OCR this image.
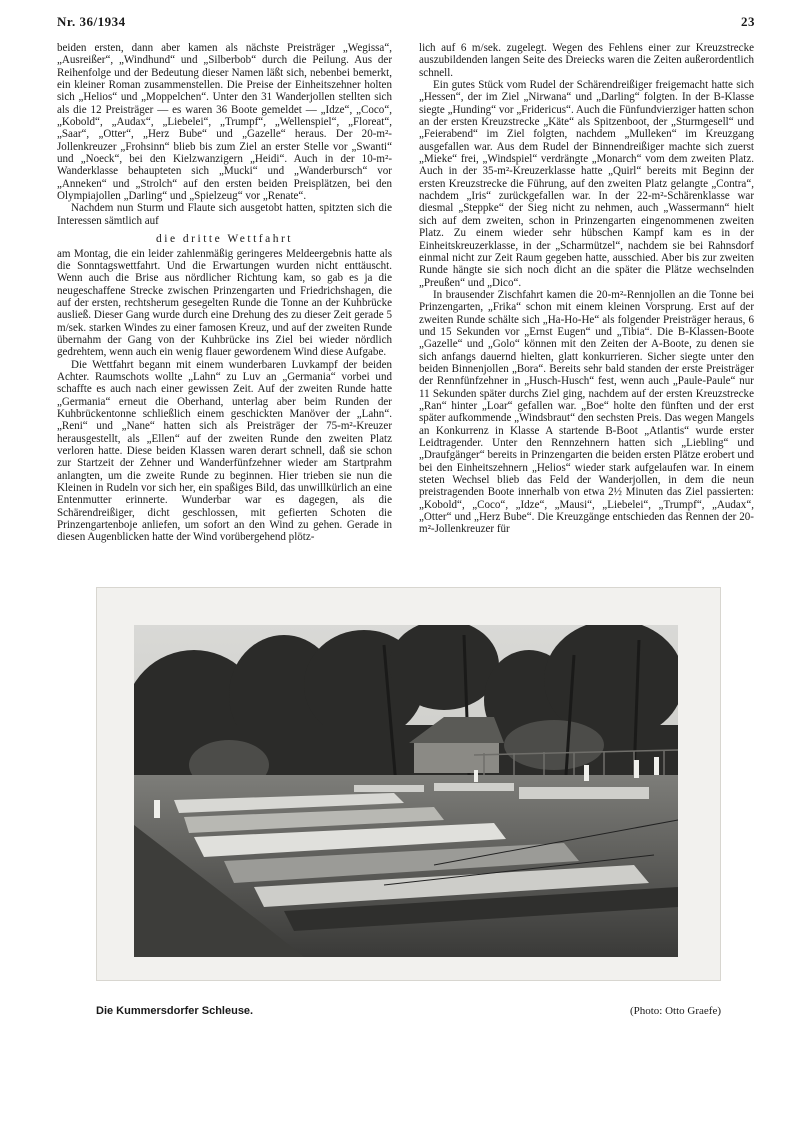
Nr. 36/1934	23

beiden ersten, dann aber kamen als nächste Preisträger „Wegissa“, „Ausreißer“, „Windhund“ und „Silberbob“ durch die Peilung. Aus der Reihenfolge und der Bedeutung dieser Namen läßt sich, nebenbei bemerkt, ein kleiner Roman zusammenstellen. Die Preise der Einheitszehner holten sich „Helios“ und „Moppelchen“. Unter den 31 Wanderjollen stellten sich als die 12 Preisträger — es waren 36 Boote gemeldet — „Idze“, „Coco“, „Kobold“, „Audax“, „Liebelei“, „Trumpf“, „Wellenspiel“, „Floreat“, „Saar“, „Otter“, „Herz Bube“ und „Gazelle“ heraus. Der 20-m²-Jollenkreuzer „Frohsinn“ blieb bis zum Ziel an erster Stelle vor „Swanti“ und „Noeck“, bei den Kielzwanzigern „Heidi“. Auch in der 10-m²-Wanderklasse behaupteten sich „Mucki“ und „Wanderbursch“ vor „Anneken“ und „Strolch“ auf den ersten beiden Preisplätzen, bei den Olympiajollen „Darling“ und „Spielzeug“ vor „Renate“.

Nachdem nun Sturm und Flaute sich ausgetobt hatten, spitzten sich die Interessen sämtlich auf

die dritte Wettfahrt

am Montag, die ein leider zahlenmäßig geringeres Meldeergebnis hatte als die Sonntagswettfahrt. Und die Erwartungen wurden nicht enttäuscht. Wenn auch die Brise aus nördlicher Richtung kam, so gab es ja die neugeschaffene Strecke zwischen Prinzengarten und Friedrichshagen, die auf der ersten, rechtsherum gesegelten Runde die Tonne an der Kuhbrücke ausließ. Dieser Gang wurde durch eine Drehung des zu dieser Zeit gerade 5 m/sek. starken Windes zu einer famosen Kreuz, und auf der zweiten Runde übernahm der Gang von der Kuhbrücke ins Ziel bei wieder nördlich gedrehtem, wenn auch ein wenig flauer gewordenem Wind diese Aufgabe.

Die Wettfahrt begann mit einem wunderbaren Luvkampf der beiden Achter. Raumschots wollte „Lahn“ zu Luv an „Germania“ vorbei und schaffte es auch nach einer gewissen Zeit. Auf der zweiten Runde hatte „Germania“ erneut die Oberhand, unterlag aber beim Runden der Kuhbrückentonne schließlich einem geschickten Manöver der „Lahn“. „Reni“ und „Nane“ hatten sich als Preisträger der 75-m²-Kreuzer herausgestellt, als „Ellen“ auf der zweiten Runde den zweiten Platz verloren hatte. Diese beiden Klassen waren derart schnell, daß sie schon zur Startzeit der Zehner und Wanderfünfzehner wieder am Startprahm anlangten, um die zweite Runde zu beginnen. Hier trieben sie nun die Kleinen in Rudeln vor sich her, ein spaßiges Bild, das unwillkürlich an eine Entenmutter erinnerte. Wunderbar war es dagegen, als die Schärendreißiger, dicht geschlossen, mit gefierten Schoten die Prinzengartenboje anliefen, um sofort an den Wind zu gehen. Gerade in diesen Augenblicken hatte der Wind vorübergehend plötz-

lich auf 6 m/sek. zugelegt. Wegen des Fehlens einer zur Kreuzstrecke auszubildenden langen Seite des Dreiecks waren die Zeiten außerordentlich schnell.

Ein gutes Stück vom Rudel der Schärendreißiger freigemacht hatte sich „Hessen“, der im Ziel „Nirwana“ und „Darling“ folgten. In der B-Klasse siegte „Hunding“ vor „Fridericus“. Auch die Fünfundvierziger hatten schon an der ersten Kreuzstrecke „Käte“ als Spitzenboot, der „Sturmgesell“ und „Feierabend“ im Ziel folgten, nachdem „Mulleken“ im Kreuzgang ausgefallen war. Aus dem Rudel der Binnendreißiger machte sich zuerst „Mieke“ frei, „Windspiel“ verdrängte „Monarch“ vom dem zweiten Platz. Auch in der 35-m²-Kreuzerklasse hatte „Quirl“ bereits mit Beginn der ersten Kreuzstrecke die Führung, auf den zweiten Platz gelangte „Contra“, nachdem „Iris“ zurückgefallen war. In der 22-m²-Schärenklasse war diesmal „Steppke“ der Sieg nicht zu nehmen, auch „Wassermann“ hielt sich auf dem zweiten, schon in Prinzengarten eingenommenen zweiten Platz. Zu einem wieder sehr hübschen Kampf kam es in der Einheitskreuzerklasse, in der „Scharmützel“, nachdem sie bei Rahnsdorf einmal nicht zur Zeit Raum gegeben hatte, ausschied. Aber bis zur zweiten Runde hängte sie sich noch dicht an die später die Plätze wechselnden „Preußen“ und „Dico“.

In brausender Zischfahrt kamen die 20-m²-Rennjollen an die Tonne bei Prinzengarten, „Frika“ schon mit einem kleinen Vorsprung. Erst auf der zweiten Runde schälte sich „Ha-Ho-He“ als folgender Preisträger heraus, 6 und 15 Sekunden vor „Ernst Eugen“ und „Tibia“. Die B-Klassen-Boote „Gazelle“ und „Golo“ können mit den Zeiten der A-Boote, zu denen sie sich anfangs dauernd hielten, glatt konkurrieren. Sicher siegte unter den beiden Binnenjollen „Bora“. Bereits sehr bald standen der erste Preisträger der Rennfünfzehner in „Husch-Husch“ fest, wenn auch „Paule-Paule“ nur 11 Sekunden später durchs Ziel ging, nachdem auf der ersten Kreuzstrecke „Ran“ hinter „Loar“ gefallen war. „Boe“ holte den fünften und der erst später aufkommende „Windsbraut“ den sechsten Preis. Das wegen Mangels an Konkurrenz in Klasse A startende B-Boot „Atlantis“ wurde erster Leidtragender. Unter den Rennzehnern hatten sich „Liebling“ und „Draufgänger“ bereits in Prinzengarten die beiden ersten Plätze erobert und bei den Einheitszehnern „Helios“ wieder stark aufgelaufen war. In einem steten Wechsel blieb das Feld der Wanderjollen, in dem die neun preistragenden Boote innerhalb von etwa 2½ Minuten das Ziel passierten: „Kobold“, „Coco“, „Idze“, „Mausi“, „Liebelei“, „Trumpf“, „Audax“, „Otter“ und „Herz Bube“. Die Kreuzgänge entschieden das Rennen der 20-m²-Jollenkreuzer für

Die Kummersdorfer Schleuse.	(Photo: Otto Graefe)
